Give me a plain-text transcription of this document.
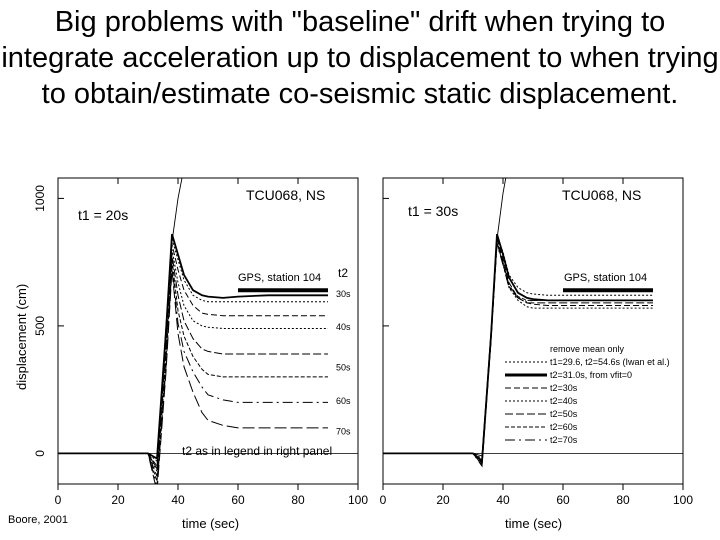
Big problems with "baseline" drift when trying to integrate acceleration up to displacement to when trying to obtain/estimate co-seismic static displacement.
0	20	40	60	80	100
0
500
1000
GPS, station 104
TCU068, NS
t1 = 20s
t2
30s
40s
50s
60s
70s
t2 as in legend in right panel
time (sec)
displacement (cm)
0	20	40	60	80	100
GPS, station 104
TCU068, NS
t1 = 30s
remove mean only
t1=29.6, t2=54.6s (Iwan et al.)
t2=31.0s, from vfit=0
t2=30s
t2=40s
t2=50s
t2=60s
t2=70s
time (sec)
Boore, 2001
